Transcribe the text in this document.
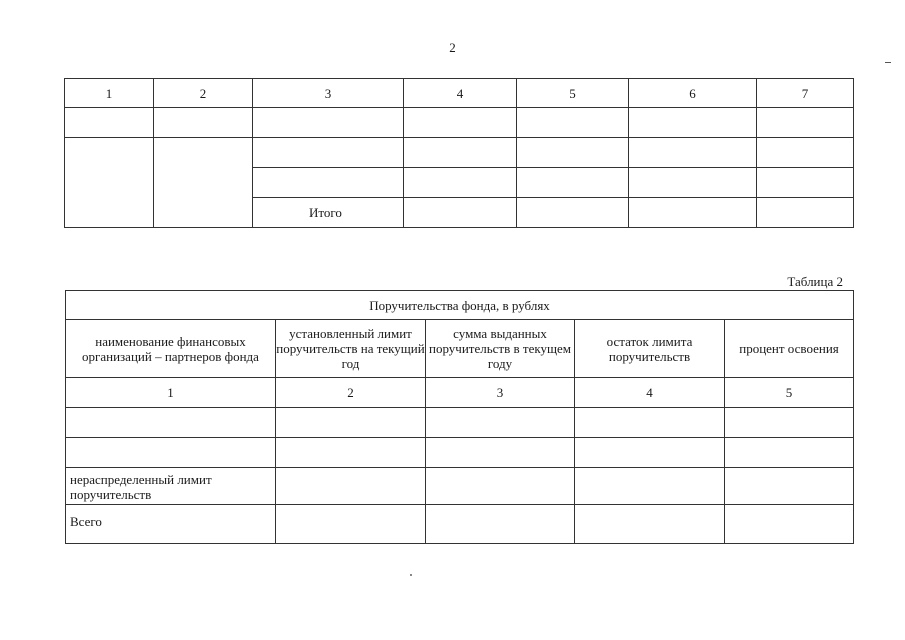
2
1	2	3	4	5	6	7

		Итого				
Таблица 2
Поручительства фонда, в рублях				
наименование финансовых организаций – партнеров фонда	установленный лимит поручительств на текущий год	сумма выданных поручительств в текущем году	остаток лимита поручительств	процент освоения
1	2	3	4	5

нераспределенный лимит поручительств				
Всего				
